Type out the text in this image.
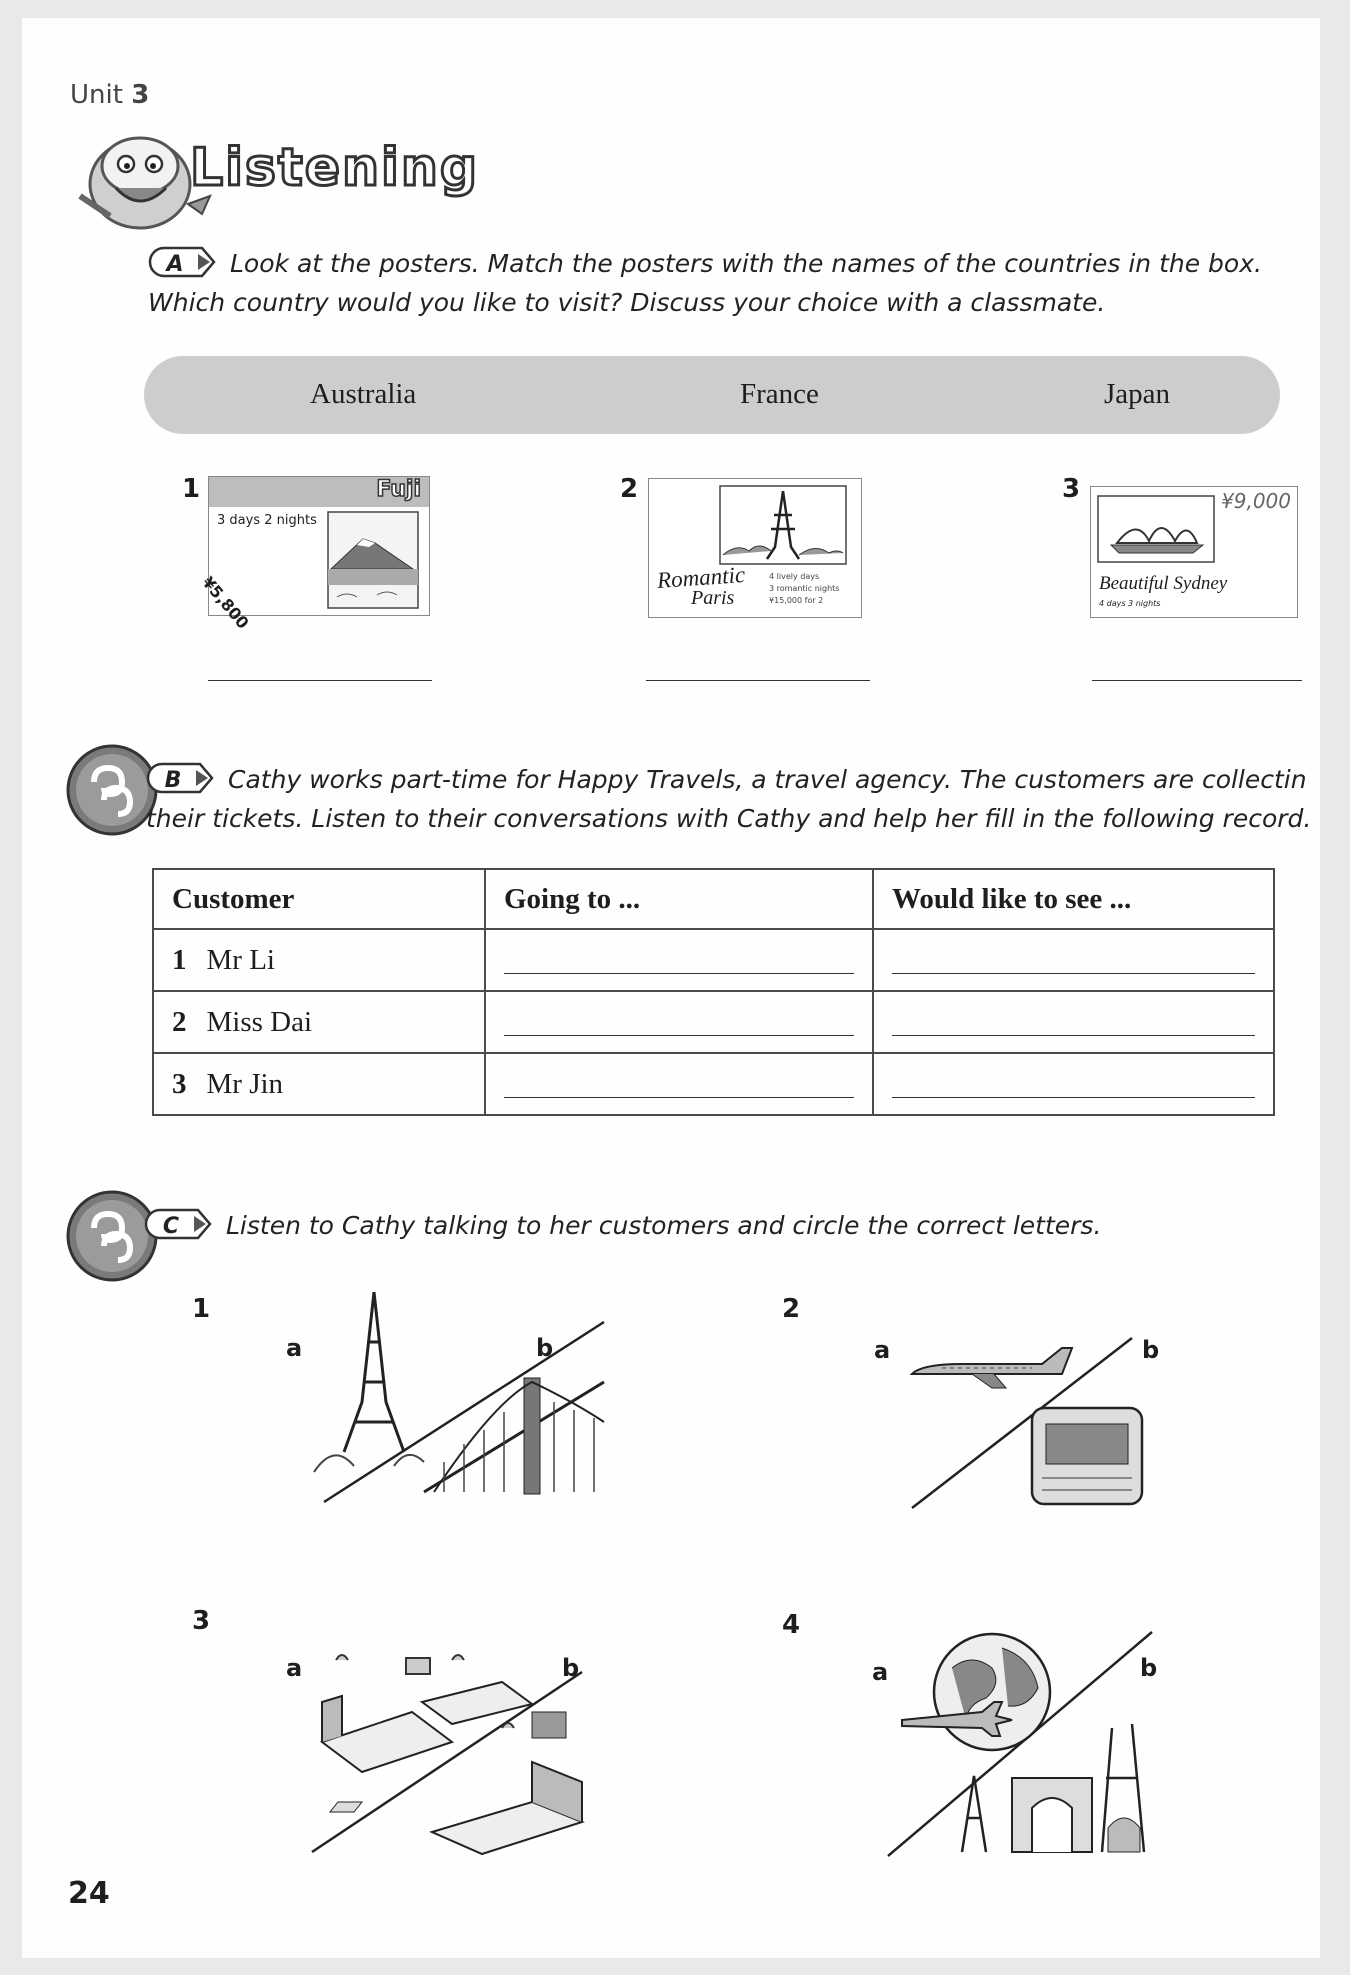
Unit 3
Listening
A Look at the posters. Match the posters with the names of the countries in the box. Which country would you like to visit? Discuss your choice with a classmate.
Australia	France	Japan
1	Fuji
3 days 2 nights
¥5,800
2
Romantic
Paris
4 lively days
3 romantic nights
¥15,000 for 2
3	¥9,000
Beautiful Sydney
4 days 3 nights
B Cathy works part-time for Happy Travels, a travel agency. The customers are collectin their tickets. Listen to their conversations with Cathy and help her fill in the following record.
Customer	Going to ...	Would like to see ...
1 Mr Li	

2 Miss Dai	

3 Mr Jin	

C Listen to Cathy talking to her customers and circle the correct letters.
1
a	b
2
a	b
3
a	b
4
a	b
24
